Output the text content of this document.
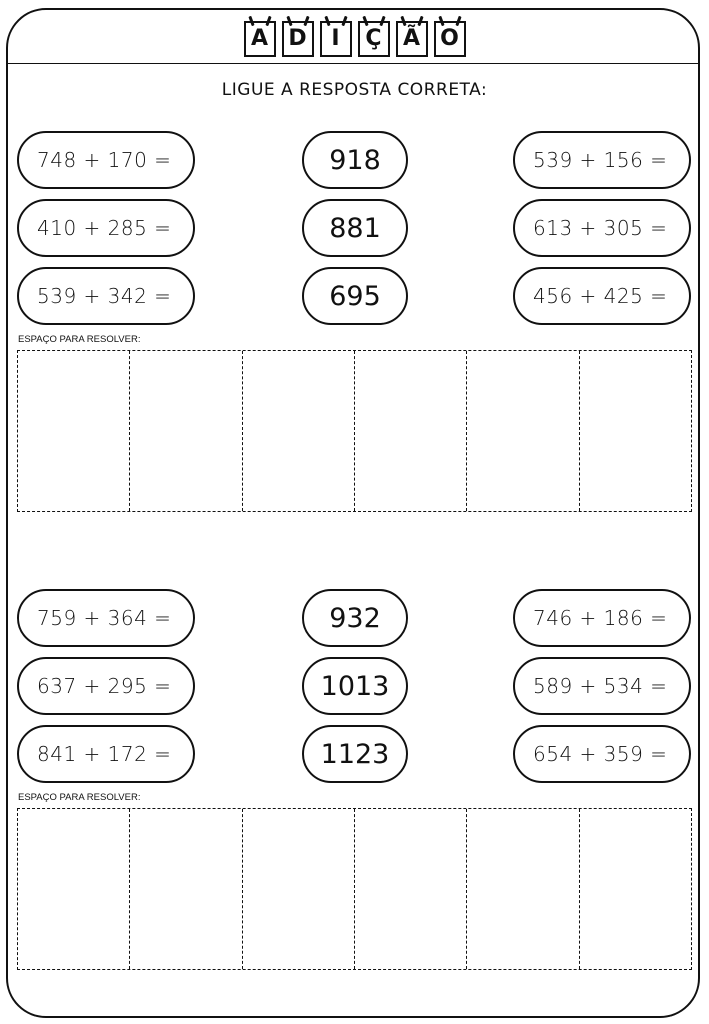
A D I Ç Ã O
LIGUE A RESPOSTA CORRETA:
748 + 170 =
410 + 285 =
539 + 342 =
918
881
695
539 + 156 =
613 + 305 =
456 + 425 =
ESPAÇO PARA RESOLVER:
759 + 364 =
637 + 295 =
841 + 172 =
932
1013
1123
746 + 186 =
589 + 534 =
654 + 359 =
ESPAÇO PARA RESOLVER:
